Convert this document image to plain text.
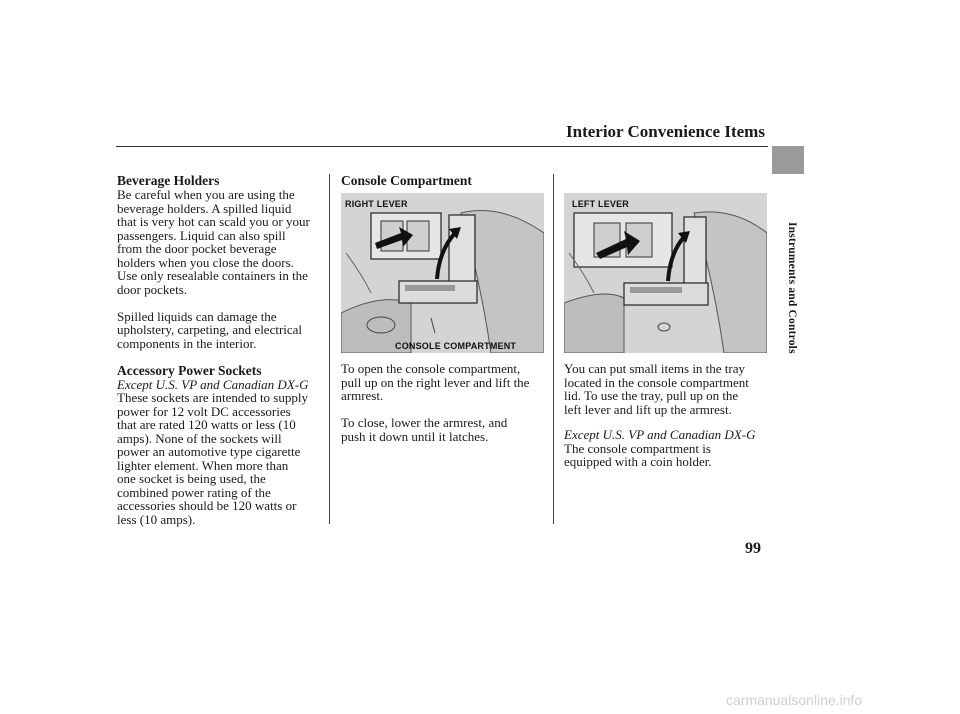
Interior Convenience Items
Instruments and Controls
Beverage Holders

Be careful when you are using the

beverage holders. A spilled liquid

that is very hot can scald you or your

passengers. Liquid can also spill

from the door pocket beverage

holders when you close the doors.

Use only resealable containers in the

door pockets.

Spilled liquids can damage the

upholstery, carpeting, and electrical

components in the interior.

Accessory Power Sockets

Except U.S. VP and Canadian DX-G

These sockets are intended to supply

power for 12 volt DC accessories

that are rated 120 watts or less (10

amps). None of the sockets will

power an automotive type cigarette

lighter element. When more than

one socket is being used, the

combined power rating of the

accessories should be 120 watts or

less (10 amps).

Console Compartment
RIGHT LEVER
CONSOLE COMPARTMENT

To open the console compartment,

pull up on the right lever and lift the

armrest.

To close, lower the armrest, and

push it down until it latches.

LEFT LEVER

You can put small items in the tray

located in the console compartment

lid. To use the tray, pull up on the

left lever and lift up the armrest.

Except U.S. VP and Canadian DX-G

The console compartment is

equipped with a coin holder.

99
carmanualsonline.info
